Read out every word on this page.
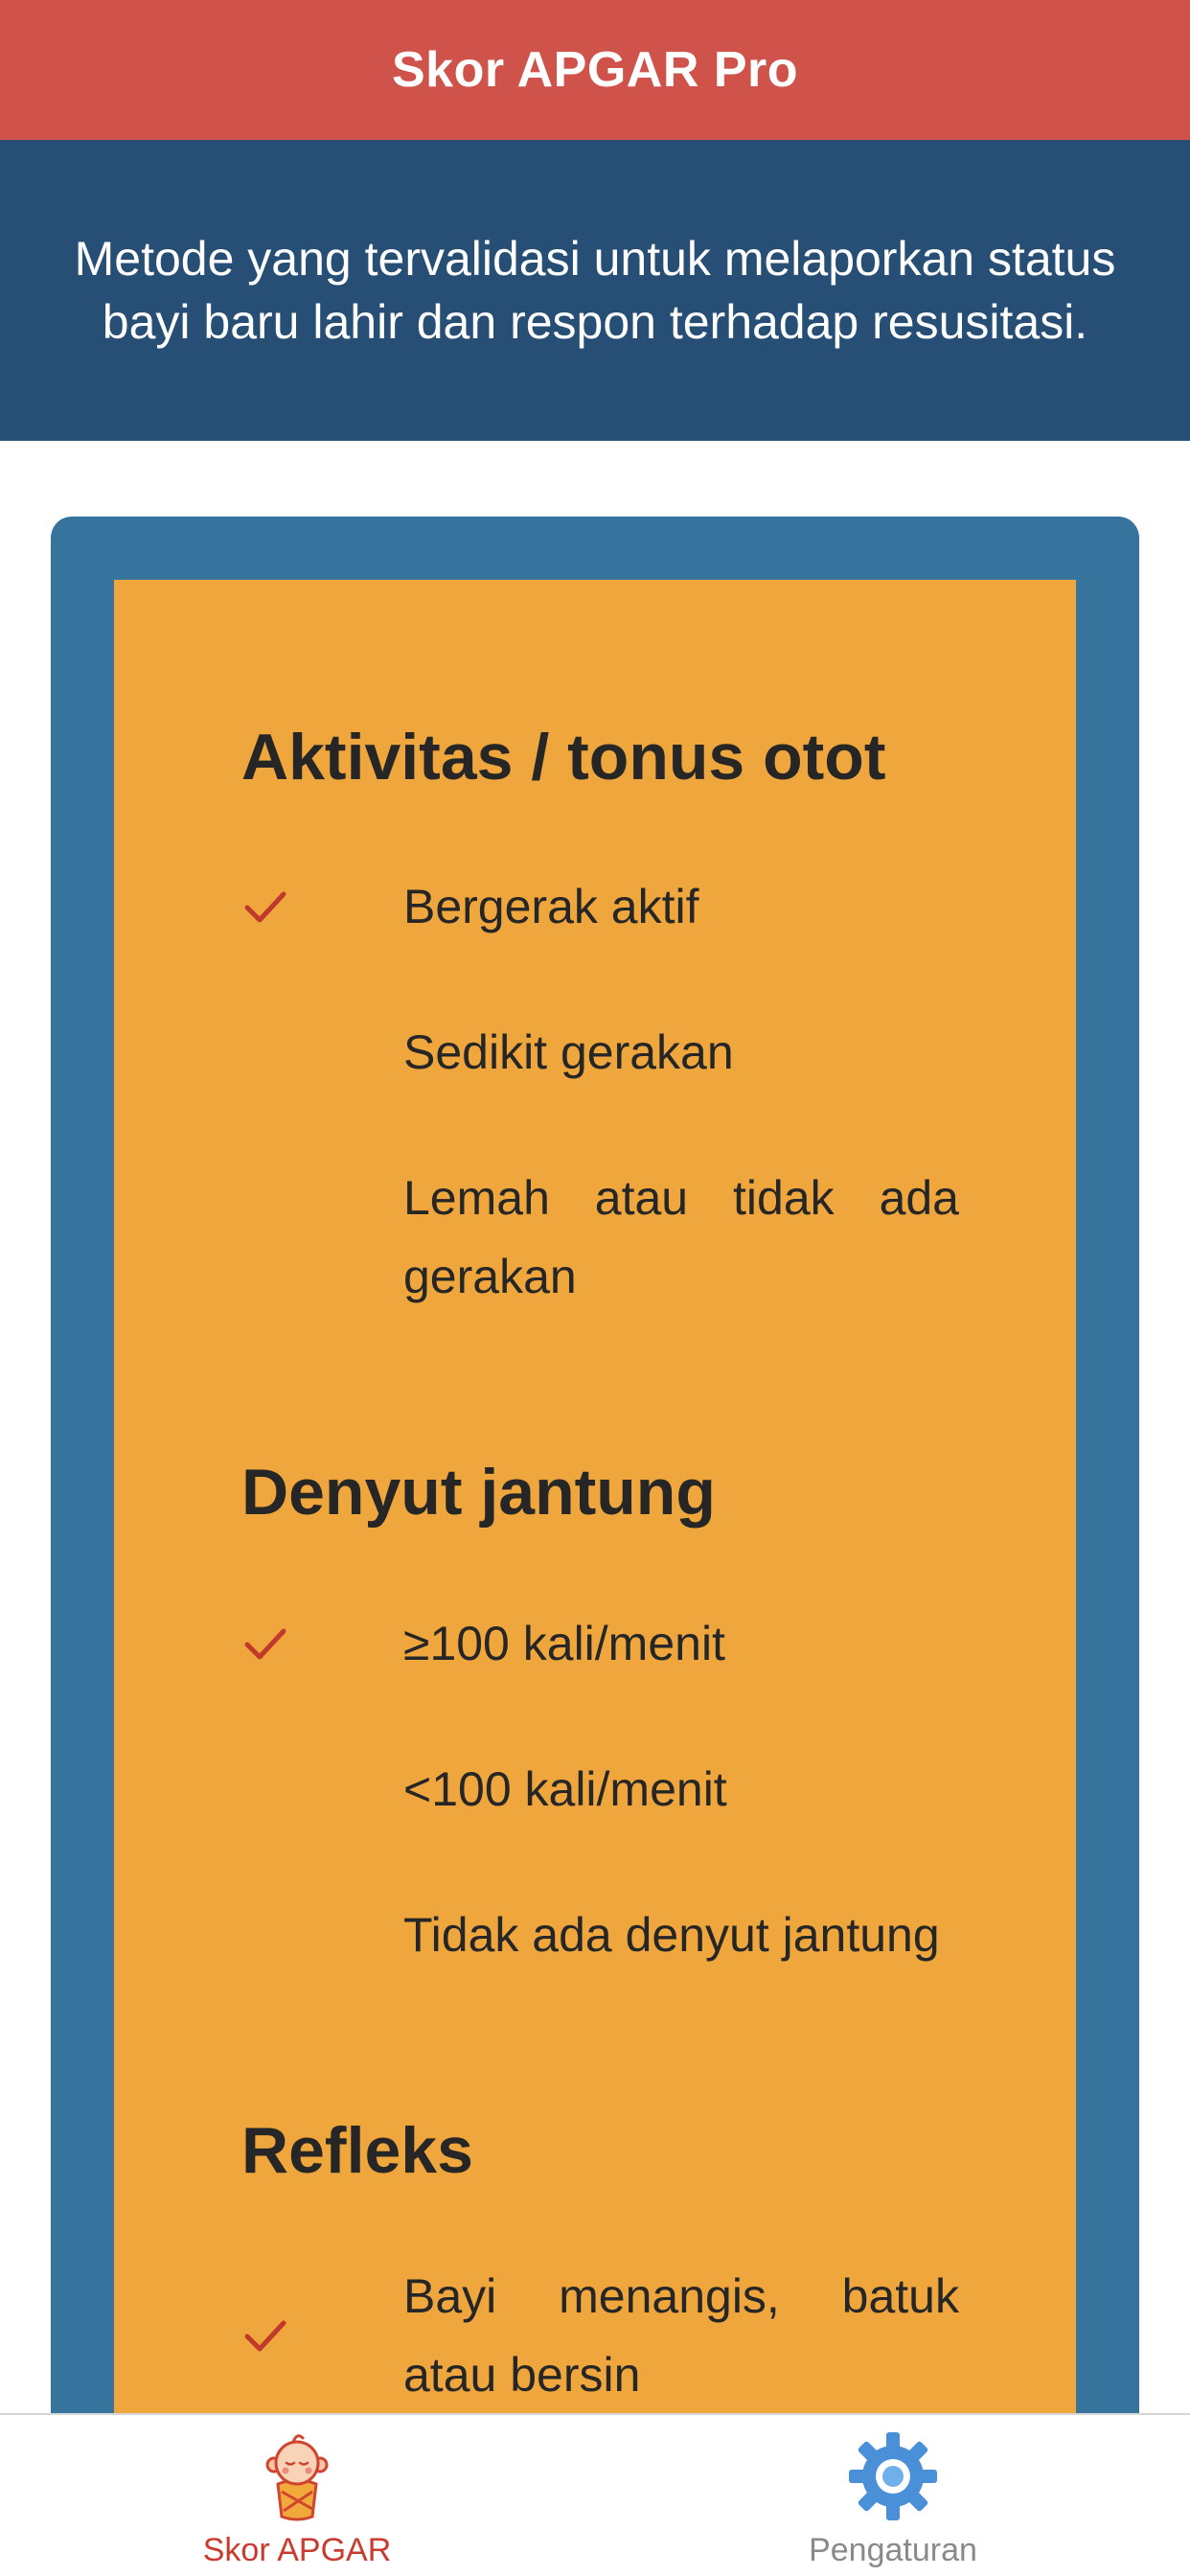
Skor APGAR Pro
Metode yang tervalidasi untuk melaporkan status bayi baru lahir dan respon terhadap resusitasi.
Aktivitas / tonus otot
Bergerak aktif
Sedikit gerakan
Lemah atau tidak ada gerakan
Denyut jantung
≥100 kali/menit
<100 kali/menit
Tidak ada denyut jantung
Refleks
Bayi menangis, batuk atau bersin
Skor APGAR	Pengaturan
